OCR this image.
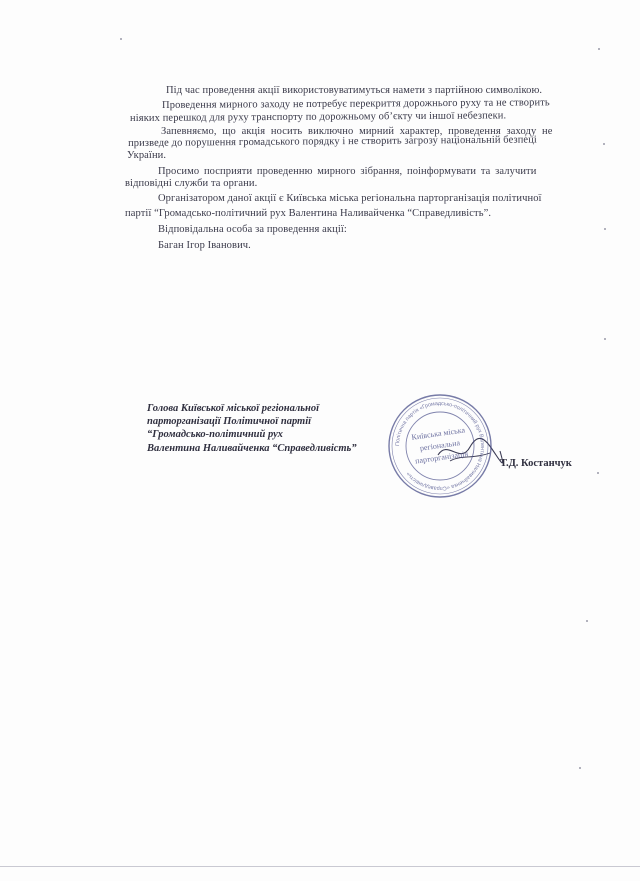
Під час проведення акції використовуватимуться намети з партійною символікою.
Проведення мирного заходу не потребує перекриття дорожнього руху та не створить
ніяких перешкод для руху транспорту по дорожньому об’єкту чи іншої небезпеки.
Запевняємо, що акція носить виключно мирний характер, проведення заходу не
призведе до порушення громадського порядку і не створить загрозу національній безпеці
України.
Просимо посприяти проведенню мирного зібрання, поінформувати та залучити
відповідні служби та органи.
Організатором даної акції є Київська міська регіональна парторганізація політичної
партії “Громадсько-політичний рух Валентина Наливайченка “Справедливість”.
Відповідальна особа за проведення акції:
Баган Ігор Іванович.
Голова Київської міської регіональної
парторганізації Політичної партії
“Громадсько-політичний рух
Валентина Наливайченка “Справедливість”
Т.Д. Костанчук
Політична партія «Громадсько-політичний рух Валентина Наливайченка «Справедливість»
Київська міська
регіональна
парторганізація
